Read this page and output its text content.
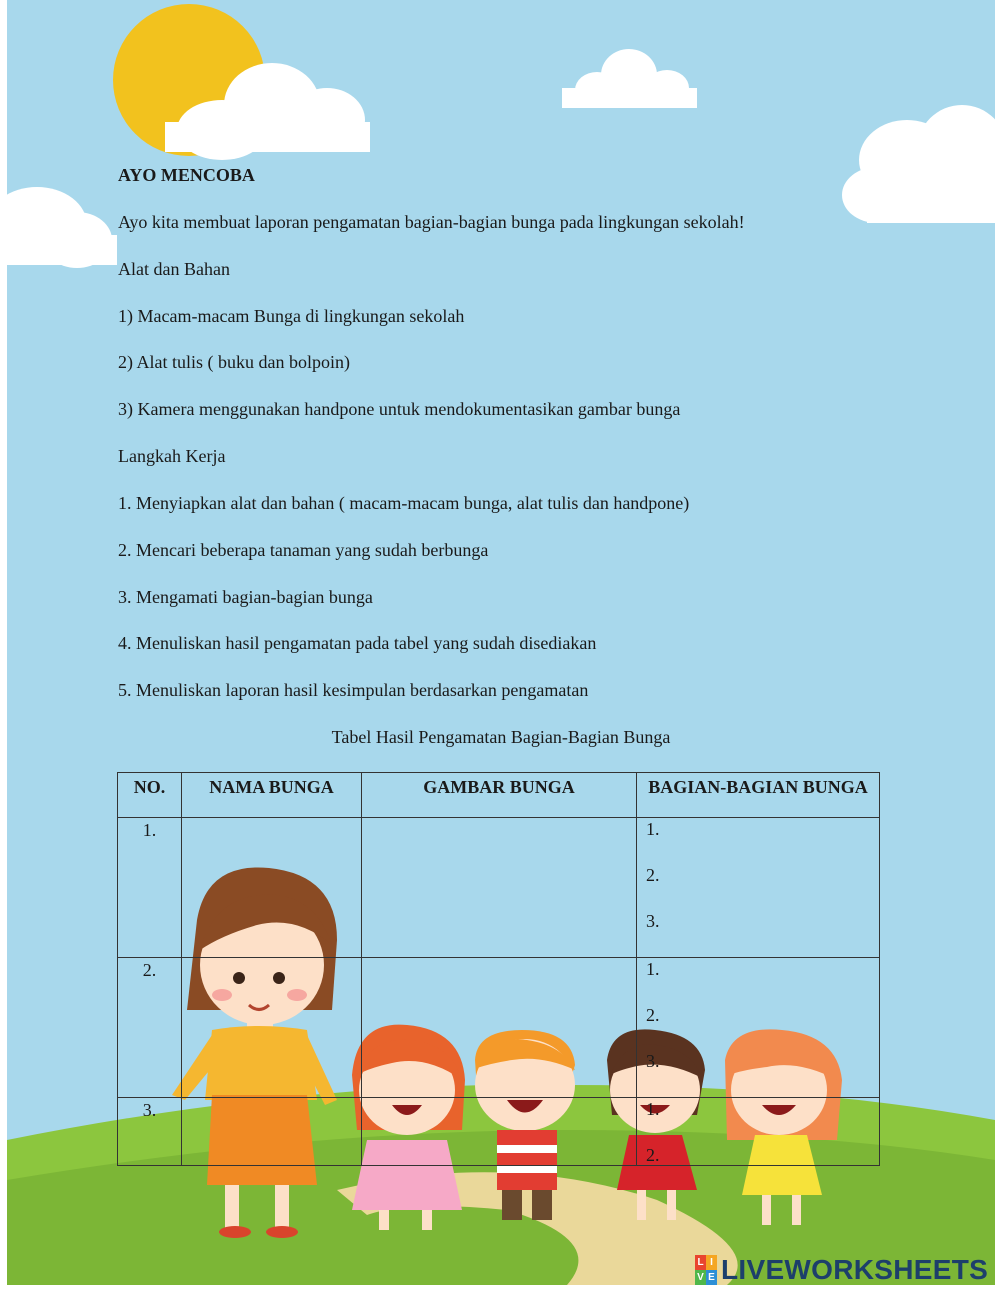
AYO MENCOBA
Ayo kita membuat laporan pengamatan bagian-bagian bunga pada lingkungan sekolah!
Alat dan Bahan
1) Macam-macam Bunga di lingkungan sekolah
2) Alat tulis ( buku dan bolpoin)
3) Kamera menggunakan handpone untuk mendokumentasikan gambar bunga
Langkah Kerja
1. Menyiapkan alat dan bahan ( macam-macam bunga, alat tulis dan handpone)
2. Mencari beberapa tanaman yang sudah berbunga
3. Mengamati bagian-bagian bunga
4. Menuliskan hasil pengamatan pada tabel yang sudah disediakan
5. Menuliskan laporan hasil kesimpulan berdasarkan pengamatan
Tabel Hasil Pengamatan Bagian-Bagian Bunga
NO.	NAMA BUNGA	GAMBAR BUNGA	BAGIAN-BAGIAN BUNGA
1.			1.
2.
3.

2.			1.
2.
3.

3.			1.
2.
L I
V E LIVEWORKSHEETS
